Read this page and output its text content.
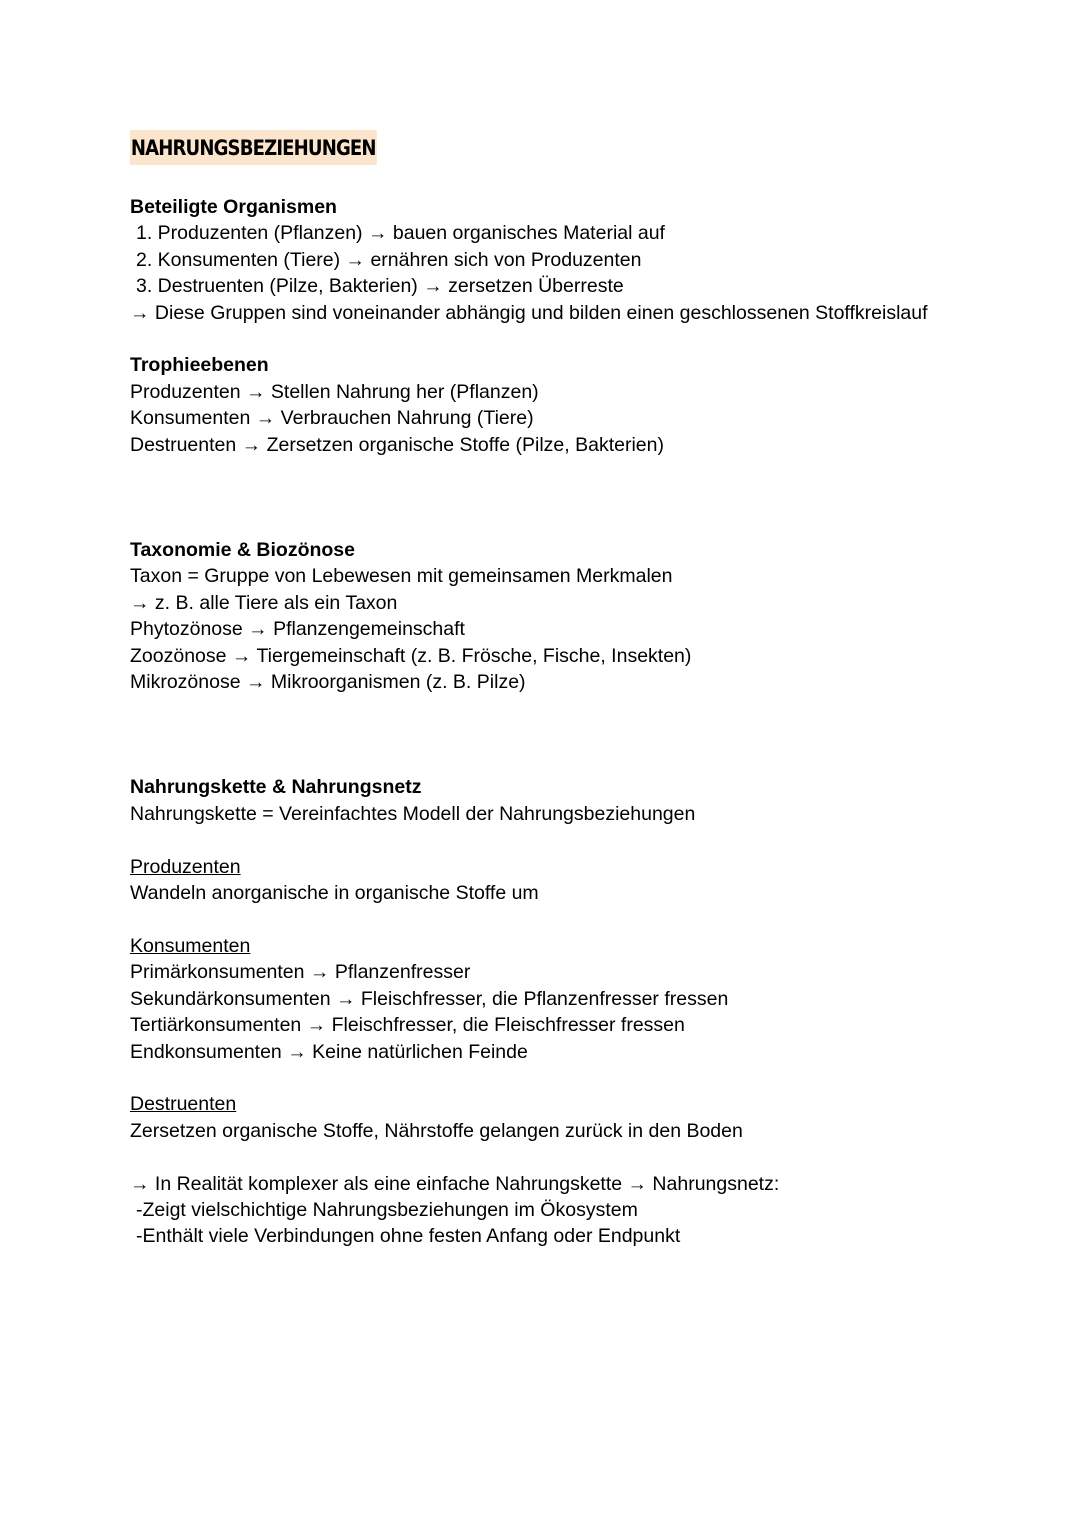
NAHRUNGSBEZIEHUNGEN
Beteiligte Organismen
1. Produzenten (Pflanzen) → bauen organisches Material auf
2. Konsumenten (Tiere) → ernähren sich von Produzenten
3. Destruenten (Pilze, Bakterien) → zersetzen Überreste
→ Diese Gruppen sind voneinander abhängig und bilden einen geschlossenen Stoffkreislauf
Trophieebenen
Produzenten → Stellen Nahrung her (Pflanzen)
Konsumenten → Verbrauchen Nahrung (Tiere)
Destruenten → Zersetzen organische Stoffe (Pilze, Bakterien)
Taxonomie & Biozönose
Taxon = Gruppe von Lebewesen mit gemeinsamen Merkmalen
→ z. B. alle Tiere als ein Taxon
Phytozönose → Pflanzengemeinschaft
Zoozönose → Tiergemeinschaft (z. B. Frösche, Fische, Insekten)
Mikrozönose → Mikroorganismen (z. B. Pilze)
Nahrungskette & Nahrungsnetz
Nahrungskette = Vereinfachtes Modell der Nahrungsbeziehungen
Produzenten
Wandeln anorganische in organische Stoffe um
Konsumenten
Primärkonsumenten → Pflanzenfresser
Sekundärkonsumenten → Fleischfresser, die Pflanzenfresser fressen
Tertiärkonsumenten → Fleischfresser, die Fleischfresser fressen
Endkonsumenten → Keine natürlichen Feinde
Destruenten
Zersetzen organische Stoffe, Nährstoffe gelangen zurück in den Boden
→ In Realität komplexer als eine einfache Nahrungskette → Nahrungsnetz:
-Zeigt vielschichtige Nahrungsbeziehungen im Ökosystem
-Enthält viele Verbindungen ohne festen Anfang oder Endpunkt
